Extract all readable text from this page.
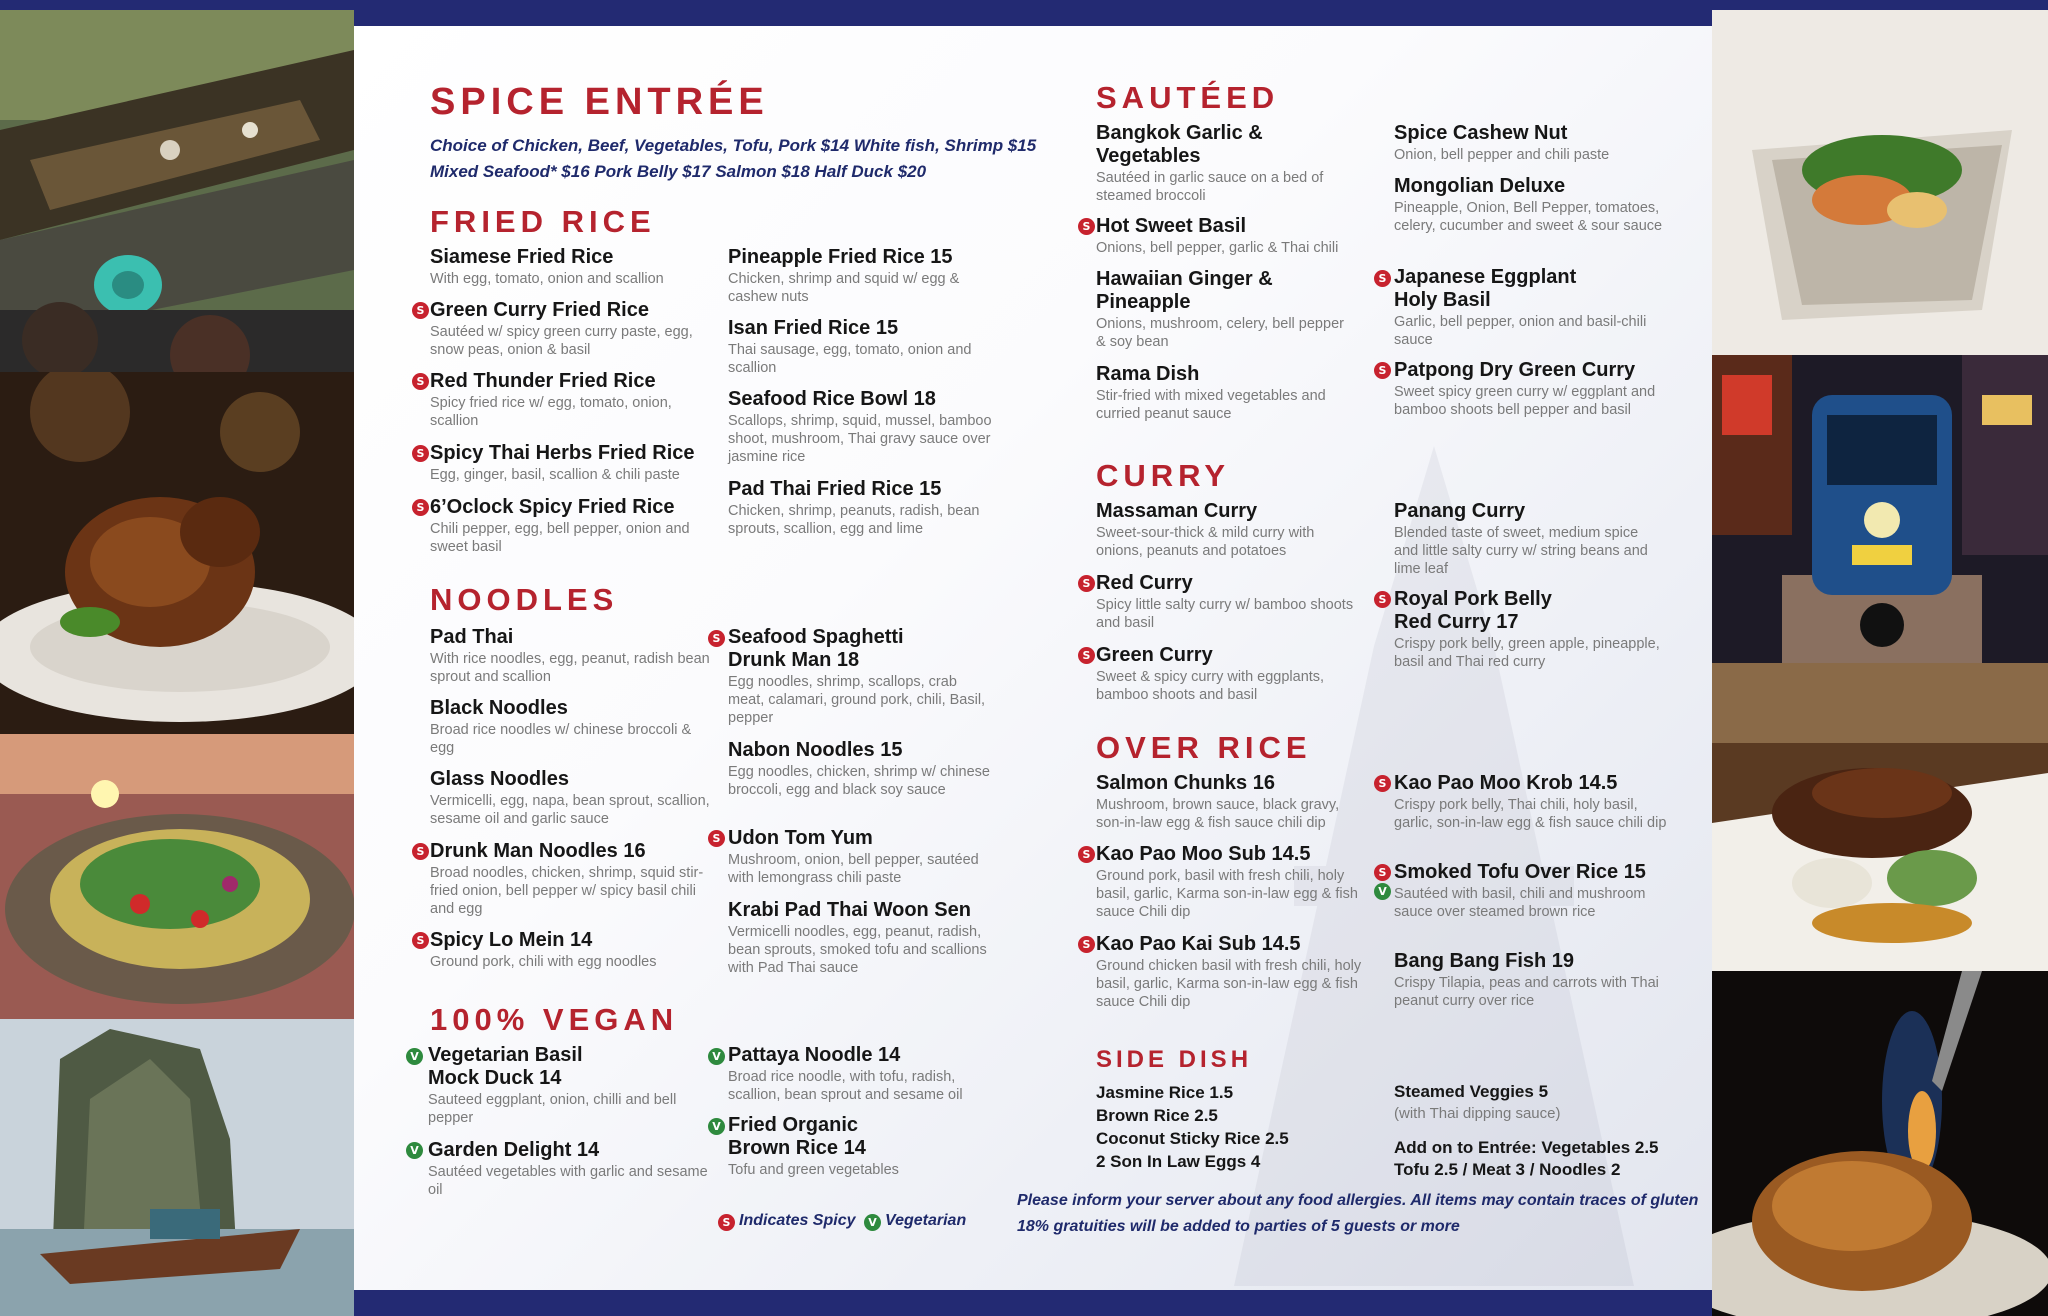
SPICE ENTRÉE
Choice of Chicken, Beef, Vegetables, Tofu, Pork $14 White fish, Shrimp $15
Mixed Seafood* $16 Pork Belly $17 Salmon $18 Half Duck $20
FRIED RICE
Siamese Fried Rice
With egg, tomato, onion and scallion
S Green Curry Fried Rice
Sautéed w/ spicy green curry paste, egg, snow peas, onion & basil
S Red Thunder Fried Rice
Spicy fried rice w/ egg, tomato, onion, scallion
S Spicy Thai Herbs Fried Rice
Egg, ginger, basil, scallion & chili paste
S 6’Oclock Spicy Fried Rice
Chili pepper, egg, bell pepper, onion and sweet basil
Pineapple Fried Rice 15
Chicken, shrimp and squid w/ egg & cashew nuts
Isan Fried Rice 15
Thai sausage, egg, tomato, onion and scallion
Seafood Rice Bowl 18
Scallops, shrimp, squid, mussel, bamboo shoot, mushroom, Thai gravy sauce over jasmine rice
Pad Thai Fried Rice 15
Chicken, shrimp, peanuts, radish, bean sprouts, scallion, egg and lime
NOODLES
Pad Thai
With rice noodles, egg, peanut, radish bean sprout and scallion
Black Noodles
Broad rice noodles w/ chinese broccoli & egg
Glass Noodles
Vermicelli, egg, napa, bean sprout, scallion, sesame oil and garlic sauce
S Drunk Man Noodles 16
Broad noodles, chicken, shrimp, squid stir-fried onion, bell pepper w/ spicy basil chili and egg
S Spicy Lo Mein 14
Ground pork, chili with egg noodles
S Seafood Spaghetti
Drunk Man 18
Egg noodles, shrimp, scallops, crab meat, calamari, ground pork, chili, Basil, pepper
Nabon Noodles 15
Egg noodles, chicken, shrimp w/ chinese broccoli, egg and black soy sauce
S Udon Tom Yum
Mushroom, onion, bell pepper, sautéed with lemongrass chili paste
Krabi Pad Thai Woon Sen
Vermicelli noodles, egg, peanut, radish, bean sprouts, smoked tofu and scallions with Pad Thai sauce
100% VEGAN
V Vegetarian Basil
Mock Duck 14
Sauteed eggplant, onion, chilli and bell pepper
V Garden Delight 14
Sautéed vegetables with garlic and sesame oil
V Pattaya Noodle 14
Broad rice noodle, with tofu, radish, scallion, bean sprout and sesame oil
V Fried Organic
Brown Rice 14
Tofu and green vegetables
S Indicates Spicy	V Vegetarian
SAUTÉED
Bangkok Garlic &
Vegetables
Sautéed in garlic sauce on a bed of steamed broccoli
S Hot Sweet Basil
Onions, bell pepper, garlic & Thai chili
Hawaiian Ginger &
Pineapple
Onions, mushroom, celery, bell pepper & soy bean
Rama Dish
Stir-fried with mixed vegetables and curried peanut sauce
Spice Cashew Nut
Onion, bell pepper and chili paste
Mongolian Deluxe
Pineapple, Onion, Bell Pepper, tomatoes, celery, cucumber and sweet & sour sauce
S Japanese Eggplant
Holy Basil
Garlic, bell pepper, onion and basil-chili sauce
S Patpong Dry Green Curry
Sweet spicy green curry w/ eggplant and bamboo shoots bell pepper and basil
CURRY
Massaman Curry
Sweet-sour-thick & mild curry with onions, peanuts and potatoes
S Red Curry
Spicy little salty curry w/ bamboo shoots and basil
S Green Curry
Sweet & spicy curry with eggplants, bamboo shoots and basil
Panang Curry
Blended taste of sweet, medium spice and little salty curry w/ string beans and lime leaf
S Royal Pork Belly
Red Curry 17
Crispy pork belly, green apple, pineapple, basil and Thai red curry
OVER RICE
Salmon Chunks 16
Mushroom, brown sauce, black gravy, son-in-law egg & fish sauce chili dip
S Kao Pao Moo Sub 14.5
Ground pork, basil with fresh chili, holy basil, garlic, Karma son-in-law egg & fish sauce Chili dip
S Kao Pao Kai Sub 14.5
Ground chicken basil with fresh chili, holy basil, garlic, Karma son-in-law egg & fish sauce Chili dip
S Kao Pao Moo Krob 14.5
Crispy pork belly, Thai chili, holy basil, garlic, son-in-law egg & fish sauce chili dip
S
V
Smoked Tofu Over Rice 15
Sautéed with basil, chili and mushroom sauce over steamed brown rice
Bang Bang Fish 19
Crispy Tilapia, peas and carrots with Thai peanut curry over rice
SIDE DISH
Jasmine Rice 1.5
Brown Rice 2.5
Coconut Sticky Rice 2.5
2 Son In Law Eggs 4
Steamed Veggies 5
(with Thai dipping sauce)
Add on to Entrée: Vegetables 2.5
Tofu 2.5 / Meat 3 / Noodles 2
Please inform your server about any food allergies. All items may contain traces of gluten
18% gratuities will be added to parties of 5 guests or more
